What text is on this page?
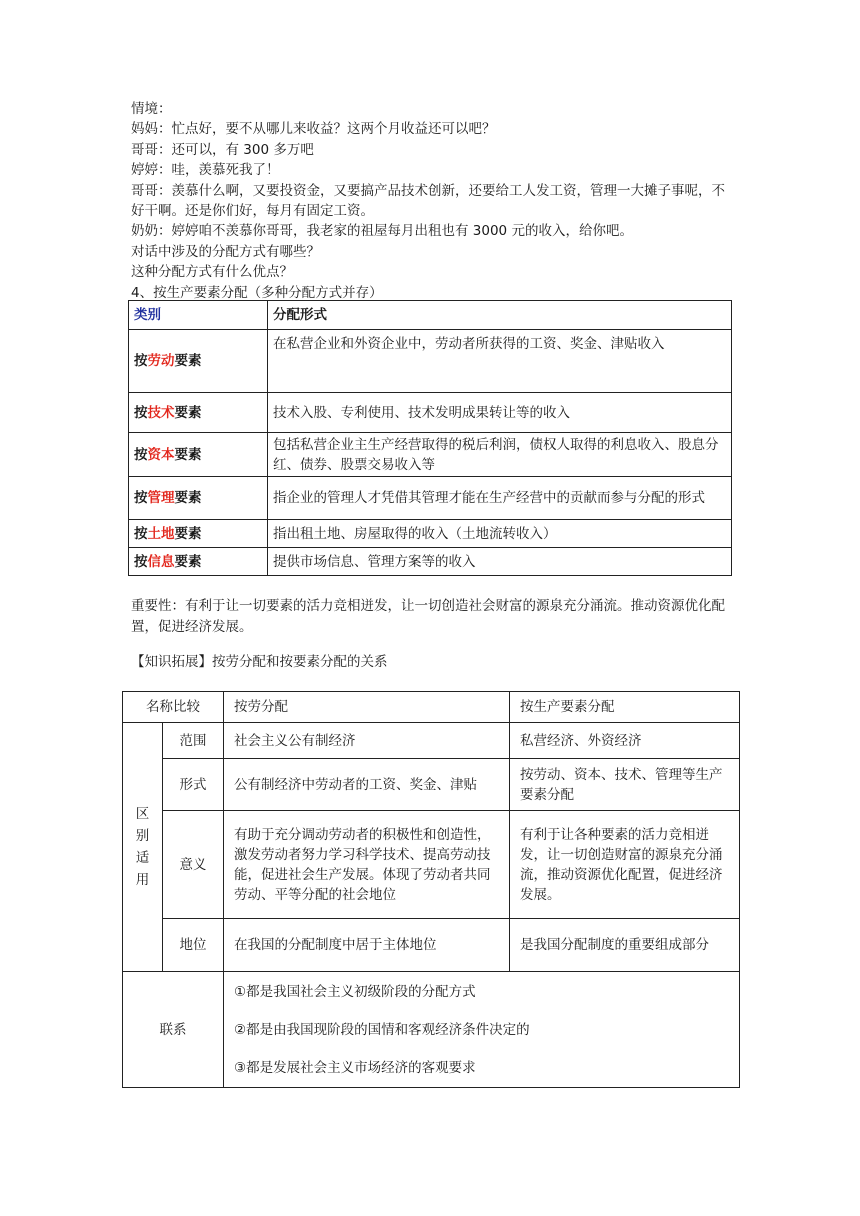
情境：
妈妈：忙点好，要不从哪儿来收益？这两个月收益还可以吧？
哥哥：还可以，有 300 多万吧
婷婷：哇，羡慕死我了！
哥哥：羡慕什么啊，又要投资金，又要搞产品技术创新，还要给工人发工资，管理一大摊子事呢，不好干啊。还是你们好，每月有固定工资。
奶奶：婷婷咱不羡慕你哥哥，我老家的祖屋每月出租也有 3000 元的收入，给你吧。
对话中涉及的分配方式有哪些？
这种分配方式有什么优点？
4、按生产要素分配（多种分配方式并存）
类别	分配形式
按劳动要素	在私营企业和外资企业中，劳动者所获得的工资、奖金、津贴收入
按技术要素	技术入股、专利使用、技术发明成果转让等的收入
按资本要素	包括私营企业主生产经营取得的税后利润，债权人取得的利息收入、股息分红、债券、股票交易收入等
按管理要素	指企业的管理人才凭借其管理才能在生产经营中的贡献而参与分配的形式
按土地要素	指出租土地、房屋取得的收入（土地流转收入）
按信息要素	提供市场信息、管理方案等的收入
重要性：有利于让一切要素的活力竞相迸发，让一切创造社会财富的源泉充分涌流。推动资源优化配置，促进经济发展。
【知识拓展】按劳分配和按要素分配的关系
名称比较		按劳分配	按生产要素分配

区
别
适
用	范围	社会主义公有制经济	私营经济、外资经济
	形式	公有制经济中劳动者的工资、奖金、津贴	按劳动、资本、技术、管理等生产要素分配
	意义	有助于充分调动劳动者的积极性和创造性，激发劳动者努力学习科学技术、提高劳动技能，促进社会生产发展。体现了劳动者共同劳动、平等分配的社会地位	有利于让各种要素的活力竞相迸发，让一切创造财富的源泉充分涌流，推动资源优化配置，促进经济发展。
	地位	在我国的分配制度中居于主体地位	是我国分配制度的重要组成部分
联系		①都是我国社会主义初级阶段的分配方式
②都是由我国现阶段的国情和客观经济条件决定的
③都是发展社会主义市场经济的客观要求	
